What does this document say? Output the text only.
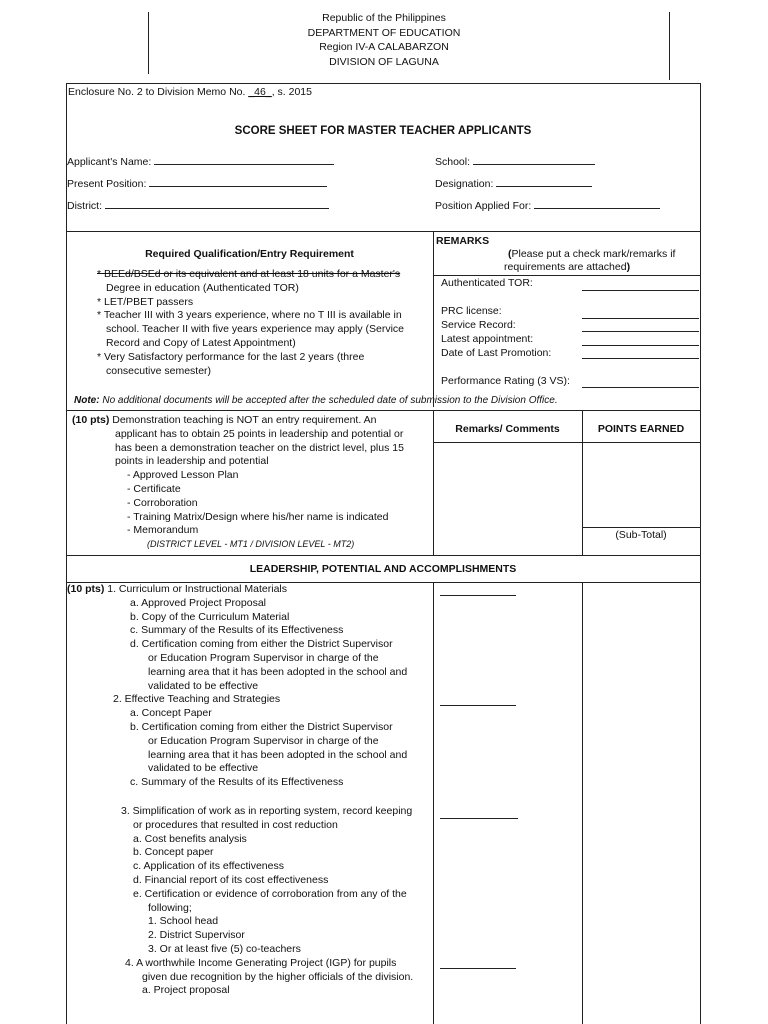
Republic of the Philippines
DEPARTMENT OF EDUCATION
Region IV-A CALABARZON
DIVISION OF LAGUNA
Enclosure No. 2 to Division Memo No. _46_, s. 2015
SCORE SHEET FOR MASTER TEACHER APPLICANTS
Applicant's Name:
Present Position:
District:
School:
Designation:
Position Applied For:
Required Qualification/Entry Requirement
* BEEd/BSEd or its equivalent and at least 18 units for a Master's
Degree in education (Authenticated TOR)
* LET/PBET passers
* Teacher III with 3 years experience, where no T III is available in
school. Teacher II with five years experience may apply (Service
Record and Copy of Latest Appointment)
* Very Satisfactory performance for the last 2 years (three
consecutive semester)
REMARKS
(Please put a check mark/remarks if
requirements are attached)
Authenticated TOR:
PRC license:
Service Record:
Latest appointment:
Date of Last Promotion:
Performance Rating (3 VS):
Note: No additional documents will be accepted after the scheduled date of submission to the Division Office.
Remarks/ Comments	POINTS EARNED
(10 pts) Demonstration teaching is NOT an entry requirement. An
applicant has to obtain 25 points in leadership and potential or
has been a demonstration teacher on the district level, plus 15
points in leadership and potential
- Approved Lesson Plan
- Certificate
- Corroboration
- Training Matrix/Design where his/her name is indicated
- Memorandum
(DISTRICT LEVEL - MT1 / DIVISION LEVEL - MT2)
(Sub-Total)
LEADERSHIP, POTENTIAL AND ACCOMPLISHMENTS
(10 pts) 1. Curriculum or Instructional Materials
a. Approved Project Proposal
b. Copy of the Curriculum Material
c. Summary of the Results of its Effectiveness
d. Certification coming from either the District Supervisor
or Education Program Supervisor in charge of the
learning area that it has been adopted in the school and
validated to be effective
2. Effective Teaching and Strategies
a. Concept Paper
b. Certification coming from either the District Supervisor
or Education Program Supervisor in charge of the
learning area that it has been adopted in the school and
validated to be effective
c. Summary of the Results of its Effectiveness
3. Simplification of work as in reporting system, record keeping
or procedures that resulted in cost reduction
a. Cost benefits analysis
b. Concept paper
c. Application of its effectiveness
d. Financial report of its cost effectiveness
e. Certification or evidence of corroboration from any of the
following;
1. School head
2. District Supervisor
3. Or at least five (5) co-teachers
4. A worthwhile Income Generating Project (IGP) for pupils
given due recognition by the higher officials of the division.
a. Project proposal
